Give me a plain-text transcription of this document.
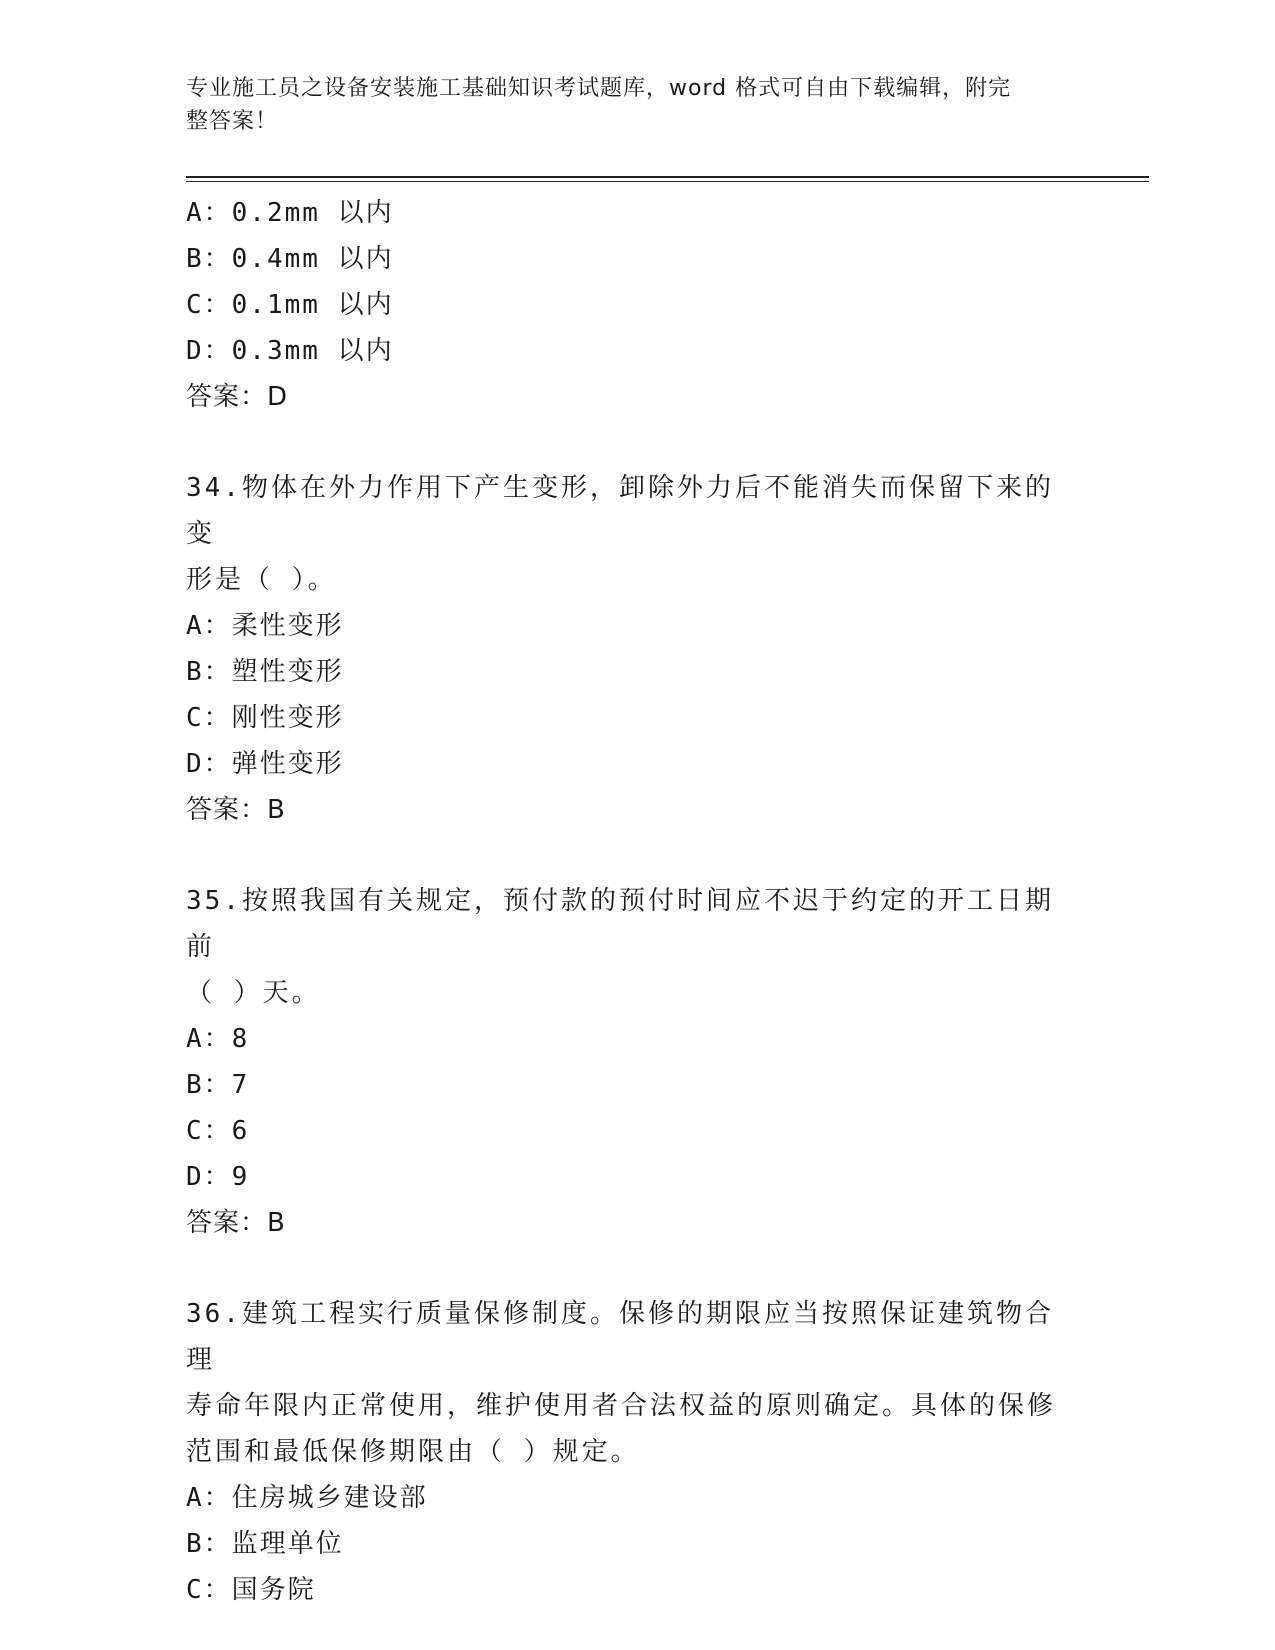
专业施工员之设备安装施工基础知识考试题库，word 格式可自由下载编辑，附完
整答案！
A：0.2mm 以内
B：0.4mm 以内
C：0.1mm 以内
D：0.3mm 以内
答案：D
34.物体在外力作用下产生变形，卸除外力后不能消失而保留下来的变
形是（ ）。
A：柔性变形
B：塑性变形
C：刚性变形
D：弹性变形
答案：B
35.按照我国有关规定，预付款的预付时间应不迟于约定的开工日期前
（ ）天。
A：8
B：7
C：6
D：9
答案：B
36.建筑工程实行质量保修制度。保修的期限应当按照保证建筑物合理
寿命年限内正常使用，维护使用者合法权益的原则确定。具体的保修
范围和最低保修期限由（ ）规定。
A：住房城乡建设部
B：监理单位
C：国务院
